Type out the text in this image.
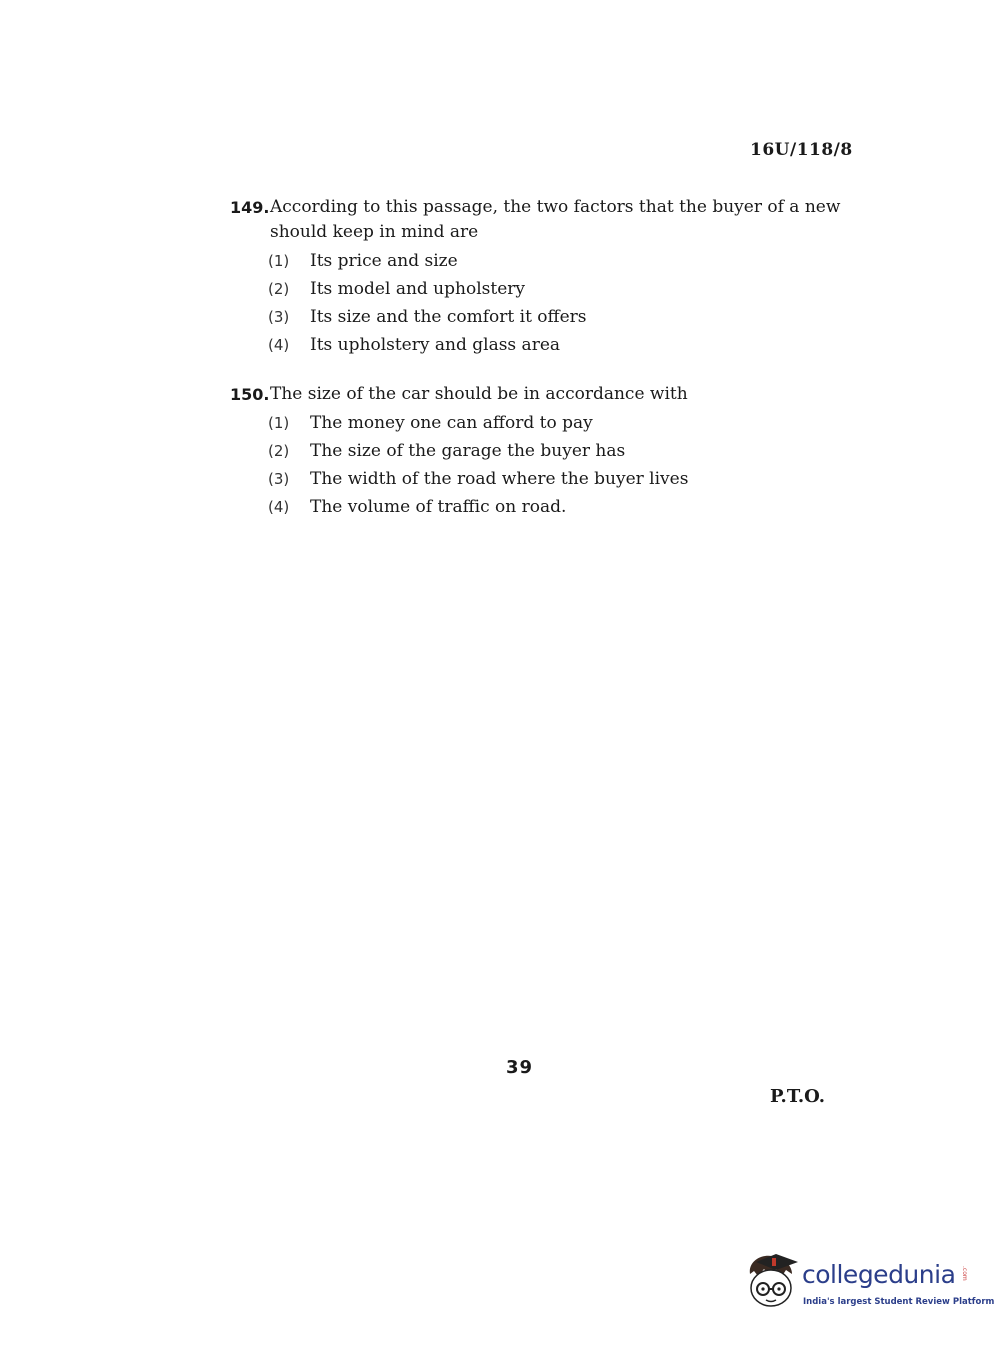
16U/118/8
149. According to this passage, the two factors that the buyer of a new
should keep in mind are
(1)	Its price and size
(2)	Its model and upholstery
(3)	Its size and the comfort it offers
(4)	Its upholstery and glass area
150. The size of the car should be in accordance with
(1)	The money one can afford to pay
(2)	The size of the garage the buyer has
(3)	The width of the road where the buyer lives
(4)	The volume of traffic on road.
39
P.T.O.
collegedunia .com
India's largest Student Review Platform
